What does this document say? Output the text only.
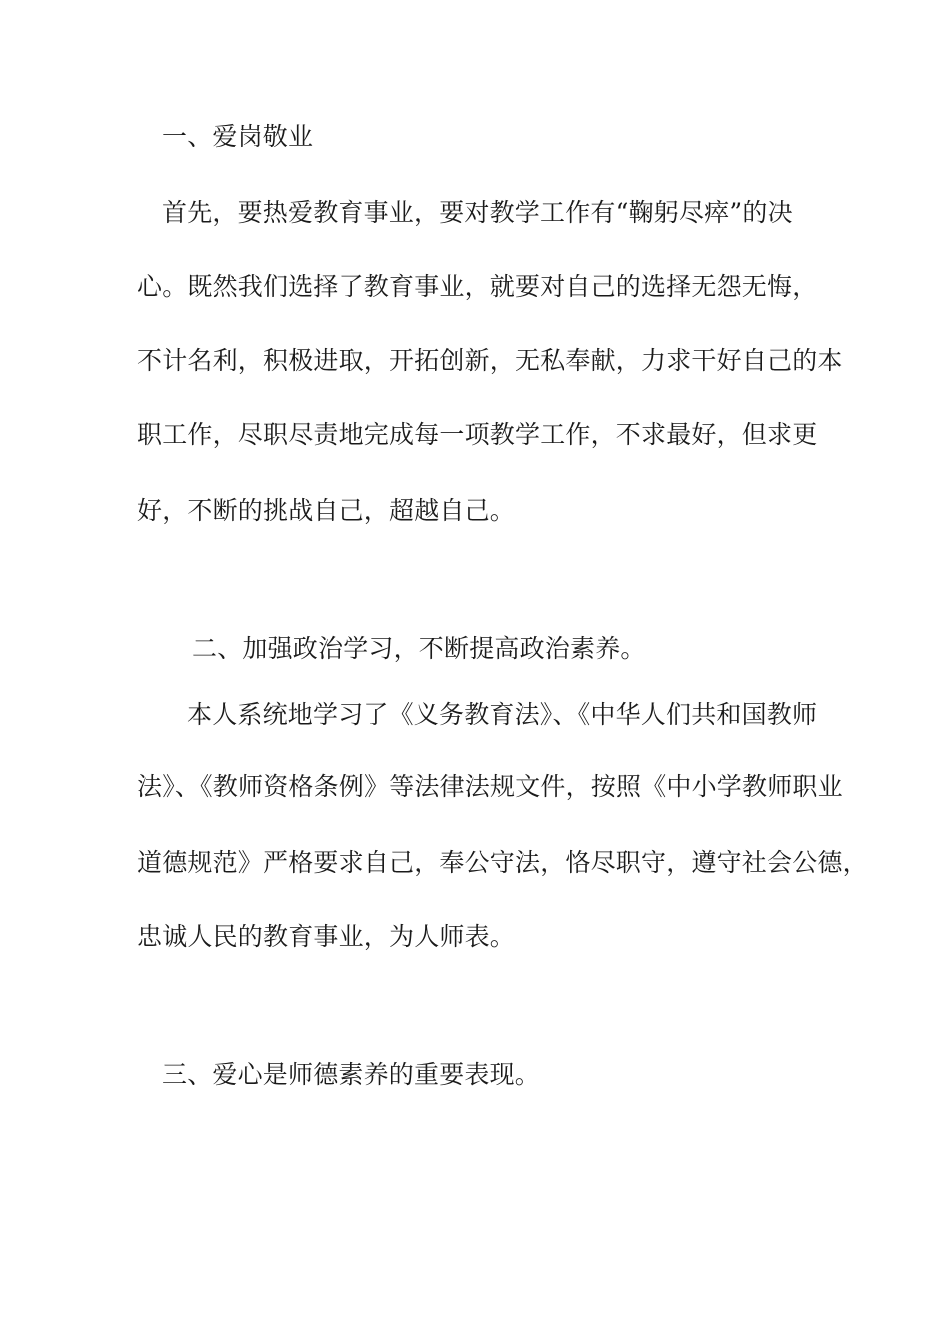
一、爱岗敬业
首先，要热爱教育事业，要对教学工作有“鞠躬尽瘁”的决
心。既然我们选择了教育事业，就要对自己的选择无怨无悔，
不计名利，积极进取，开拓创新，无私奉献，力求干好自己的本
职工作，尽职尽责地完成每一项教学工作，不求最好，但求更
好，不断的挑战自己，超越自己。
二、加强政治学习，不断提高政治素养。
本人系统地学习了《义务教育法》、《中华人们共和国教师
法》、《教师资格条例》等法律法规文件，按照《中小学教师职业
道德规范》严格要求自己，奉公守法，恪尽职守，遵守社会公德，
忠诚人民的教育事业，为人师表。
三、爱心是师德素养的重要表现。
